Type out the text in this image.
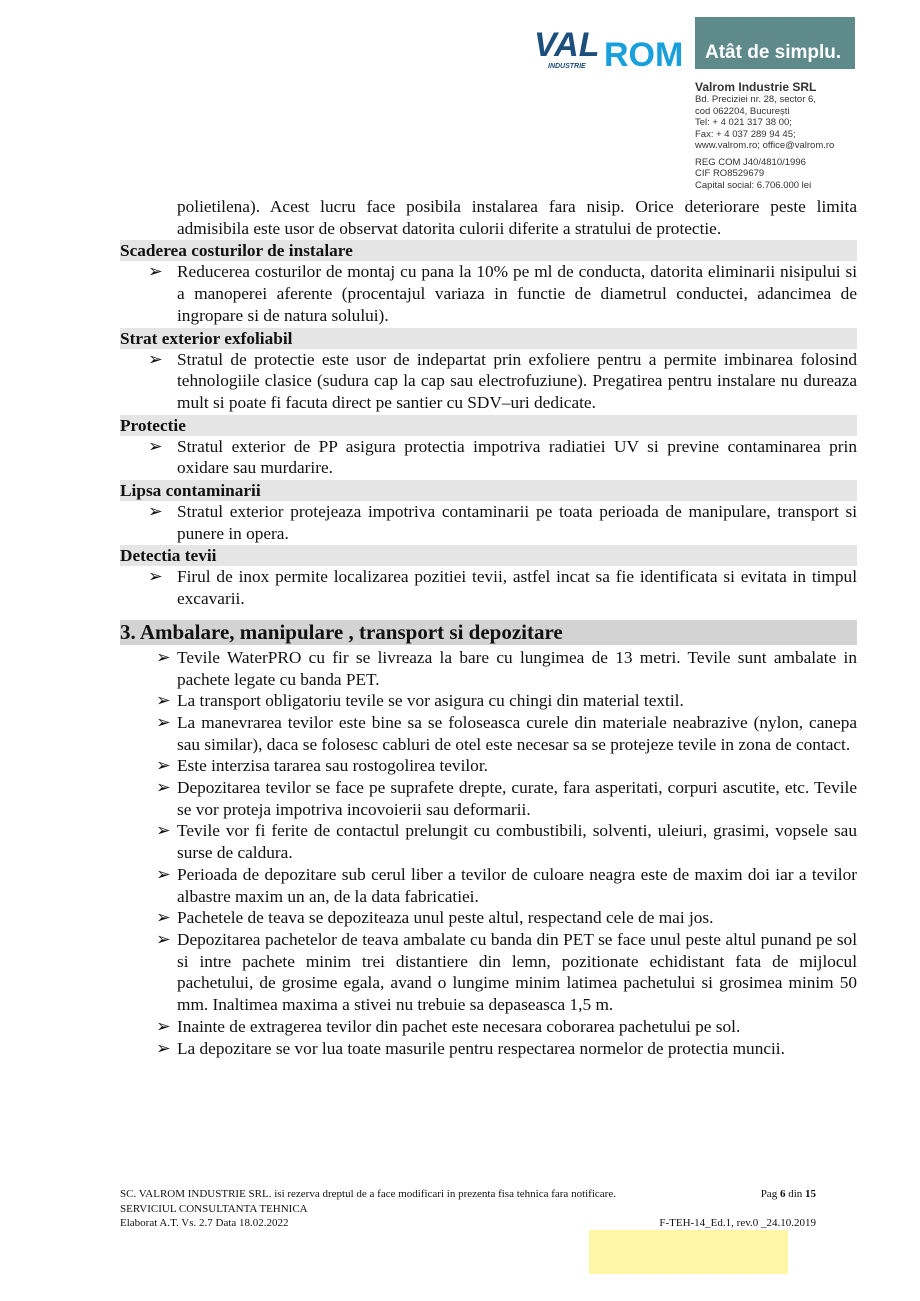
VAL ROM
INDUSTRIE
Atât de simplu.
Valrom Industrie SRL
Bd. Preciziei nr. 28, sector 6,
cod 062204, București
Tel: + 4 021 317 38 00;
Fax: + 4 037 289 94 45;
www.valrom.ro; office@valrom.ro
REG COM J40/4810/1996
CIF RO8529679
Capital social: 6.706.000 lei
polietilena). Acest lucru face posibila instalarea fara nisip. Orice deteriorare peste limita admisibila este usor de observat datorita culorii diferite a stratului de protectie.
Scaderea costurilor de instalare
➢ Reducerea costurilor de montaj cu pana la 10% pe ml de conducta, datorita eliminarii nisipului si a manoperei aferente (procentajul variaza in functie de diametrul conductei, adancimea de ingropare si de natura solului).
Strat exterior exfoliabil
➢ Stratul de protectie este usor de indepartat prin exfoliere pentru a permite imbinarea folosind tehnologiile clasice (sudura cap la cap sau electrofuziune). Pregatirea pentru instalare nu dureaza mult si poate fi facuta direct pe santier cu SDV–uri dedicate.
Protectie
➢ Stratul exterior de PP asigura protectia impotriva radiatiei UV si previne contaminarea prin oxidare sau murdarire.
Lipsa contaminarii
➢ Stratul exterior protejeaza impotriva contaminarii pe toata perioada de manipulare, transport si punere in opera.
Detectia tevii
➢ Firul de inox permite localizarea pozitiei tevii, astfel incat sa fie identificata si evitata in timpul excavarii.
3. Ambalare, manipulare , transport si depozitare
➢ Tevile WaterPRO cu fir se livreaza la bare cu lungimea de 13 metri. Tevile sunt ambalate in pachete legate cu banda PET.
➢ La transport obligatoriu tevile se vor asigura cu chingi din material textil.
➢ La manevrarea tevilor este bine sa se foloseasca curele din materiale neabrazive (nylon, canepa sau similar), daca se folosesc cabluri de otel este necesar sa se protejeze tevile in zona de contact.
➢ Este interzisa tararea sau rostogolirea tevilor.
➢ Depozitarea tevilor se face pe suprafete drepte, curate, fara asperitati, corpuri ascutite, etc. Tevile se vor proteja impotriva incovoierii sau deformarii.
➢ Tevile vor fi ferite de contactul prelungit cu combustibili, solventi, uleiuri, grasimi, vopsele sau surse de caldura.
➢ Perioada de depozitare sub cerul liber a tevilor de culoare neagra este de maxim doi iar a tevilor albastre maxim un an, de la data fabricatiei.
➢ Pachetele de teava se depoziteaza unul peste altul, respectand cele de mai jos.
➢ Depozitarea pachetelor de teava ambalate cu banda din PET se face unul peste altul punand pe sol si intre pachete minim trei distantiere din lemn, pozitionate echidistant fata de mijlocul pachetului, de grosime egala, avand o lungime minim latimea pachetului si grosimea minim 50 mm. Inaltimea maxima a stivei nu trebuie sa depaseasca 1,5 m.
➢ Inainte de extragerea tevilor din pachet este necesara coborarea pachetului pe sol.
➢ La depozitare se vor lua toate masurile pentru respectarea normelor de protectia muncii.
SC. VALROM INDUSTRIE SRL. isi rezerva dreptul de a face modificari in prezenta fisa tehnica fara notificare.	Pag 6 din 15
SERVICIUL CONSULTANTA TEHNICA
Elaborat A.T. Vs. 2.7 Data 18.02.2022	F-TEH-14_Ed.1, rev.0 _24.10.2019
